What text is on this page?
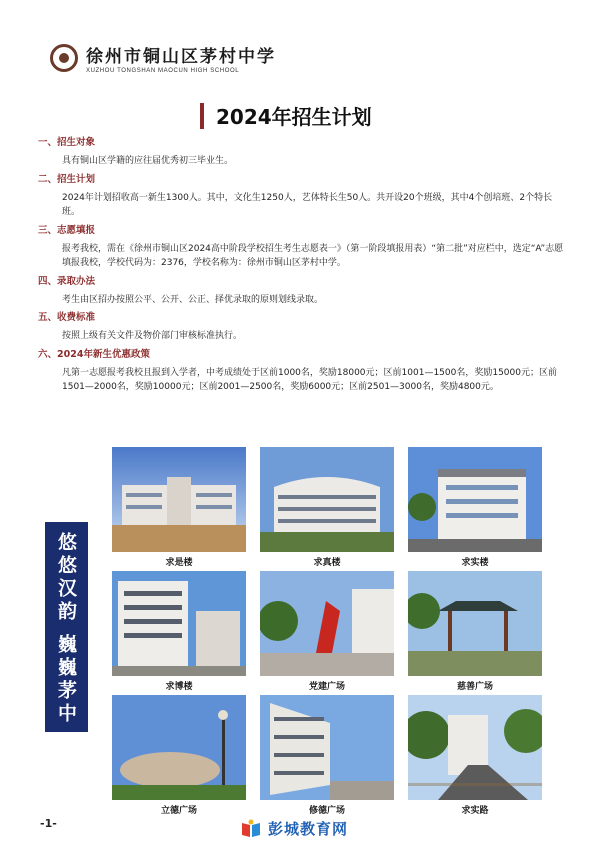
徐州市铜山区茅村中学
XUZHOU TONGSHAN MAOCUN HIGH SCHOOL
2024年招生计划
一、招生对象

具有铜山区学籍的应往届优秀初三毕业生。

二、招生计划

2024年计划招收高一新生1300人。其中，文化生1250人，艺体特长生50人。共开设20个班级，其中4个创培班、2个特长班。

三、志愿填报

报考我校，需在《徐州市铜山区2024高中阶段学校招生考生志愿表一》（第一阶段填报用表）“第二批”对应栏中，选定“A”志愿填报我校，学校代码为：2376，学校名称为：徐州市铜山区茅村中学。

四、录取办法

考生由区招办按照公平、公开、公正、择优录取的原则划线录取。

五、收费标准

按照上级有关文件及物价部门审核标准执行。

六、2024年新生优惠政策

凡第一志愿报考我校且报到入学者，中考成绩处于区前1000名，奖励18000元；区前1001—1500名，奖励15000元；区前1501—2000名，奖励10000元；区前2001—2500名，奖励6000元；区前2501—3000名，奖励4800元。

悠悠汉韵
巍巍茅中
求是楼	求真楼	求实楼
求博楼	党建广场	慈善广场
立德广场	修德广场	求实路
-1-	彭城教育网
